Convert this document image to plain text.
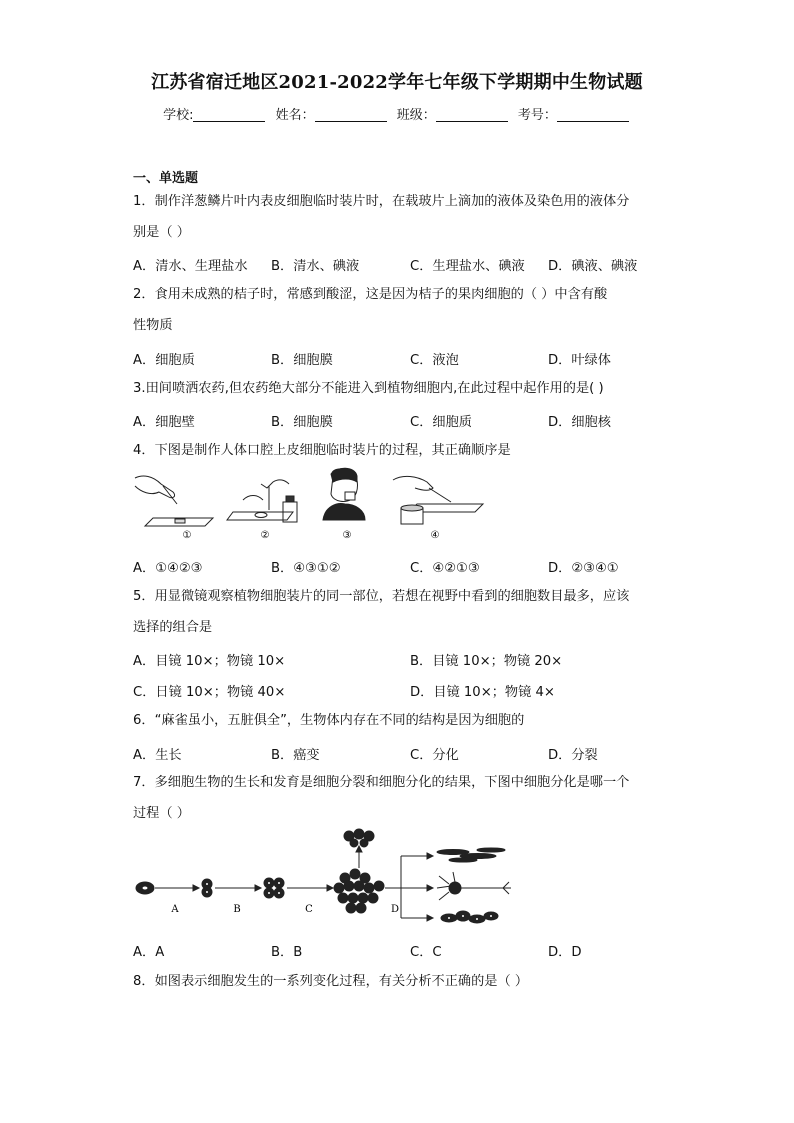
江苏省宿迁地区2021-2022学年七年级下学期期中生物试题
学校:	姓名：	班级：	考号：
一、单选题
1．制作洋葱鳞片叶内表皮细胞临时装片时，在载玻片上滴加的液体及染色用的液体分
别是（ ）
A．清水、生理盐水 B．清水、碘液	C．生理盐水、碘液 D．碘液、碘液
2．食用未成熟的桔子时，常感到酸涩，这是因为桔子的果肉细胞的（ ）中含有酸
性物质
A．细胞质	B．细胞膜	C．液泡	D．叶绿体
3.田间喷洒农药,但农药绝大部分不能进入到植物细胞内,在此过程中起作用的是( )
A．细胞壁	B．细胞膜	C．细胞质	D．细胞核
4．下图是制作人体口腔上皮细胞临时装片的过程，其正确顺序是
①	②	③	④
A．①④②③	B．④③①②	C．④②①③	D．②③④①
5．用显微镜观察植物细胞装片的同一部位，若想在视野中看到的细胞数目最多，应该
选择的组合是
A．目镜 10×；物镜 10×	B．目镜 10×；物镜 20×
C．日镜 10×；物镜 40×	D．目镜 10×；物镜 4×
6．“麻雀虽小，五脏俱全”，生物体内存在不同的结构是因为细胞的
A．生长	B．癌变	C．分化	D．分裂
7．多细胞生物的生长和发育是细胞分裂和细胞分化的结果，下图中细胞分化是哪一个
过程（ ）
A	B	C	D
A．A	B．B	C．C	D．D
8．如图表示细胞发生的一系列变化过程，有关分析不正确的是（ ）
